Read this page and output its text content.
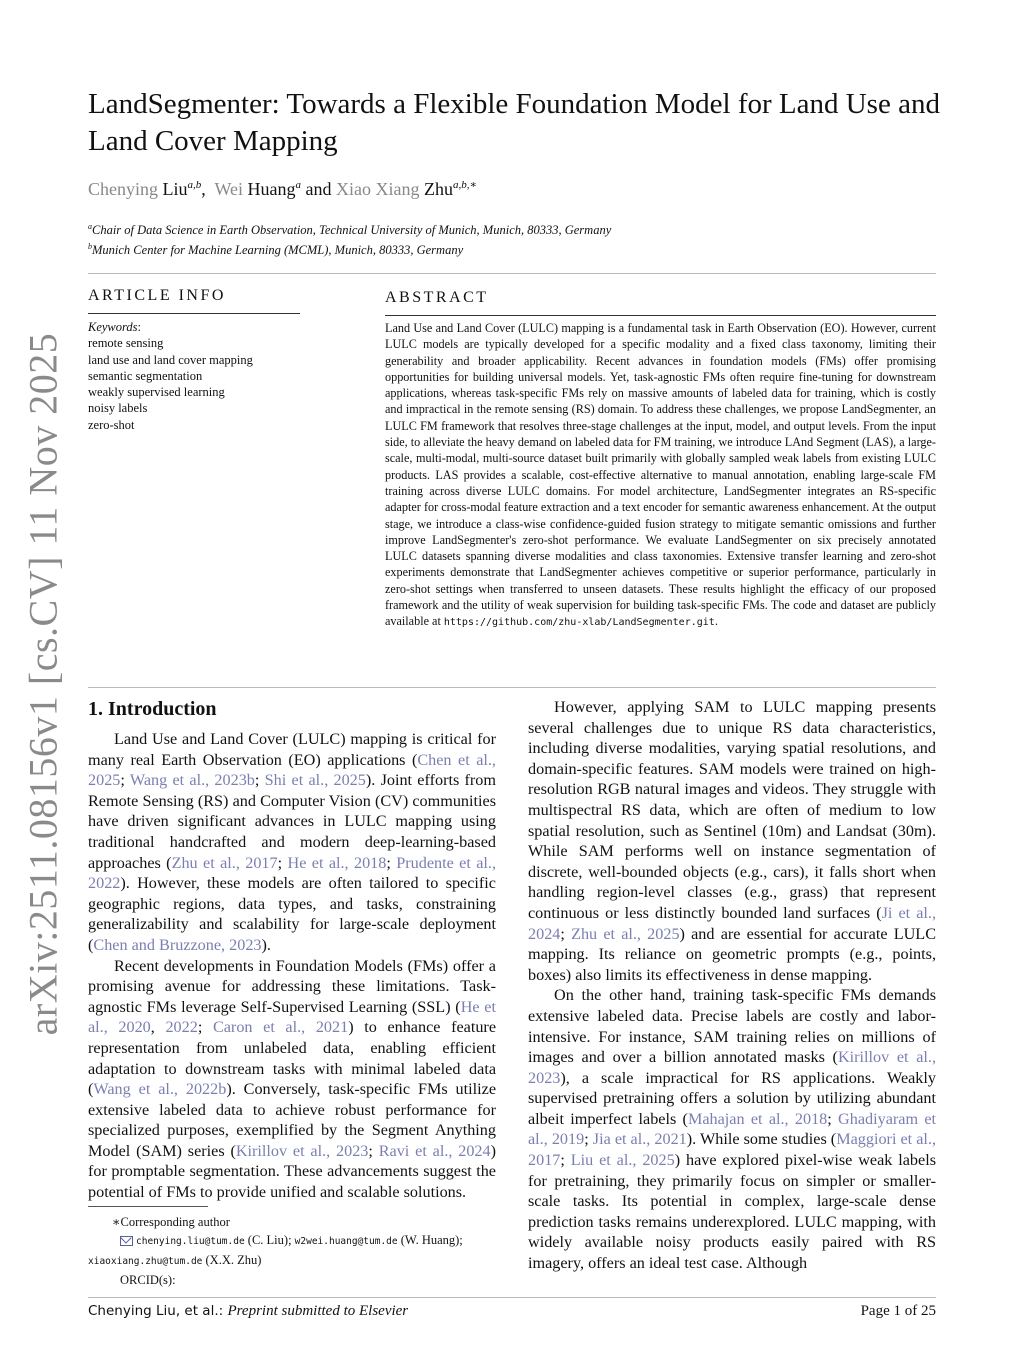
arXiv:2511.08156v1 [cs.CV] 11 Nov 2025
LandSegmenter: Towards a Flexible Foundation Model for Land Use and Land Cover Mapping
Chenying Liu$^{a,b}$,  Wei Huang$^a$ and Xiao Xiang Zhu$^{a,b,∗}$
$^a$Chair of Data Science in Earth Observation, Technical University of Munich, Munich, 80333, Germany
$^b$Munich Center for Machine Learning (MCML), Munich, 80333, Germany
ARTICLE INFO
Keywords:
remote sensing
land use and land cover mapping
semantic segmentation
weakly supervised learning
noisy labels
zero-shot
ABSTRACT
Land Use and Land Cover (LULC) mapping is a fundamental task in Earth Observation (EO). However, current LULC models are typically developed for a specific modality and a fixed class taxonomy, limiting their generability and broader applicability. Recent advances in foundation models (FMs) offer promising opportunities for building universal models. Yet, task-agnostic FMs often require fine-tuning for downstream applications, whereas task-specific FMs rely on massive amounts of labeled data for training, which is costly and impractical in the remote sensing (RS) domain. To address these challenges, we propose LandSegmenter, an LULC FM framework that resolves three-stage challenges at the input, model, and output levels. From the input side, to alleviate the heavy demand on labeled data for FM training, we introduce LAnd Segment (LAS), a large-scale, multi-modal, multi-source dataset built primarily with globally sampled weak labels from existing LULC products. LAS provides a scalable, cost-effective alternative to manual annotation, enabling large-scale FM training across diverse LULC domains. For model architecture, LandSegmenter integrates an RS-specific adapter for cross-modal feature extraction and a text encoder for semantic awareness enhancement. At the output stage, we introduce a class-wise confidence-guided fusion strategy to mitigate semantic omissions and further improve LandSegmenter's zero-shot performance. We evaluate LandSegmenter on six precisely annotated LULC datasets spanning diverse modalities and class taxonomies. Extensive transfer learning and zero-shot experiments demonstrate that LandSegmenter achieves competitive or superior performance, particularly in zero-shot settings when transferred to unseen datasets. These results highlight the efficacy of our proposed framework and the utility of weak supervision for building task-specific FMs. The code and dataset are publicly available at https://github.com/zhu-xlab/LandSegmenter.git.
1. Introduction

Land Use and Land Cover (LULC) mapping is critical for many real Earth Observation (EO) applications (Chen et al., 2025; Wang et al., 2023b; Shi et al., 2025). Joint efforts from Remote Sensing (RS) and Computer Vision (CV) communities have driven significant advances in LULC mapping using traditional handcrafted and modern deep-learning-based approaches (Zhu et al., 2017; He et al., 2018; Prudente et al., 2022). However, these models are often tailored to specific geographic regions, data types, and tasks, constraining generalizability and scalability for large-scale deployment (Chen and Bruzzone, 2023).

Recent developments in Foundation Models (FMs) offer a promising avenue for addressing these limitations. Task-agnostic FMs leverage Self-Supervised Learning (SSL) (He et al., 2020, 2022; Caron et al., 2021) to enhance feature representation from unlabeled data, enabling efficient adaptation to downstream tasks with minimal labeled data (Wang et al., 2022b). Conversely, task-specific FMs utilize extensive labeled data to achieve robust performance for specialized purposes, exemplified by the Segment Anything Model (SAM) series (Kirillov et al., 2023; Ravi et al., 2024) for promptable segmentation. These advancements suggest the potential of FMs to provide unified and scalable solutions.

∗Corresponding author
chenying.liu@tum.de (C. Liu); w2wei.huang@tum.de (W. Huang);
xiaoxiang.zhu@tum.de (X.X. Zhu)
ORCID(s):

However, applying SAM to LULC mapping presents several challenges due to unique RS data characteristics, including diverse modalities, varying spatial resolutions, and domain-specific features. SAM models were trained on high-resolution RGB natural images and videos. They struggle with multispectral RS data, which are often of medium to low spatial resolution, such as Sentinel (10m) and Landsat (30m). While SAM performs well on instance segmentation of discrete, well-bounded objects (e.g., cars), it falls short when handling region-level classes (e.g., grass) that represent continuous or less distinctly bounded land surfaces (Ji et al., 2024; Zhu et al., 2025) and are essential for accurate LULC mapping. Its reliance on geometric prompts (e.g., points, boxes) also limits its effectiveness in dense mapping.

On the other hand, training task-specific FMs demands extensive labeled data. Precise labels are costly and labor-intensive. For instance, SAM training relies on millions of images and over a billion annotated masks (Kirillov et al., 2023), a scale impractical for RS applications. Weakly supervised pretraining offers a solution by utilizing abundant albeit imperfect labels (Mahajan et al., 2018; Ghadiyaram et al., 2019; Jia et al., 2021). While some studies (Maggiori et al., 2017; Liu et al., 2025) have explored pixel-wise weak labels for pretraining, they primarily focus on simpler or smaller-scale tasks. Its potential in complex, large-scale dense prediction tasks remains underexplored. LULC mapping, with widely available noisy products easily paired with RS imagery, offers an ideal test case. Although

Chenying Liu, et al.: Preprint submitted to Elsevier	Page 1 of 25
